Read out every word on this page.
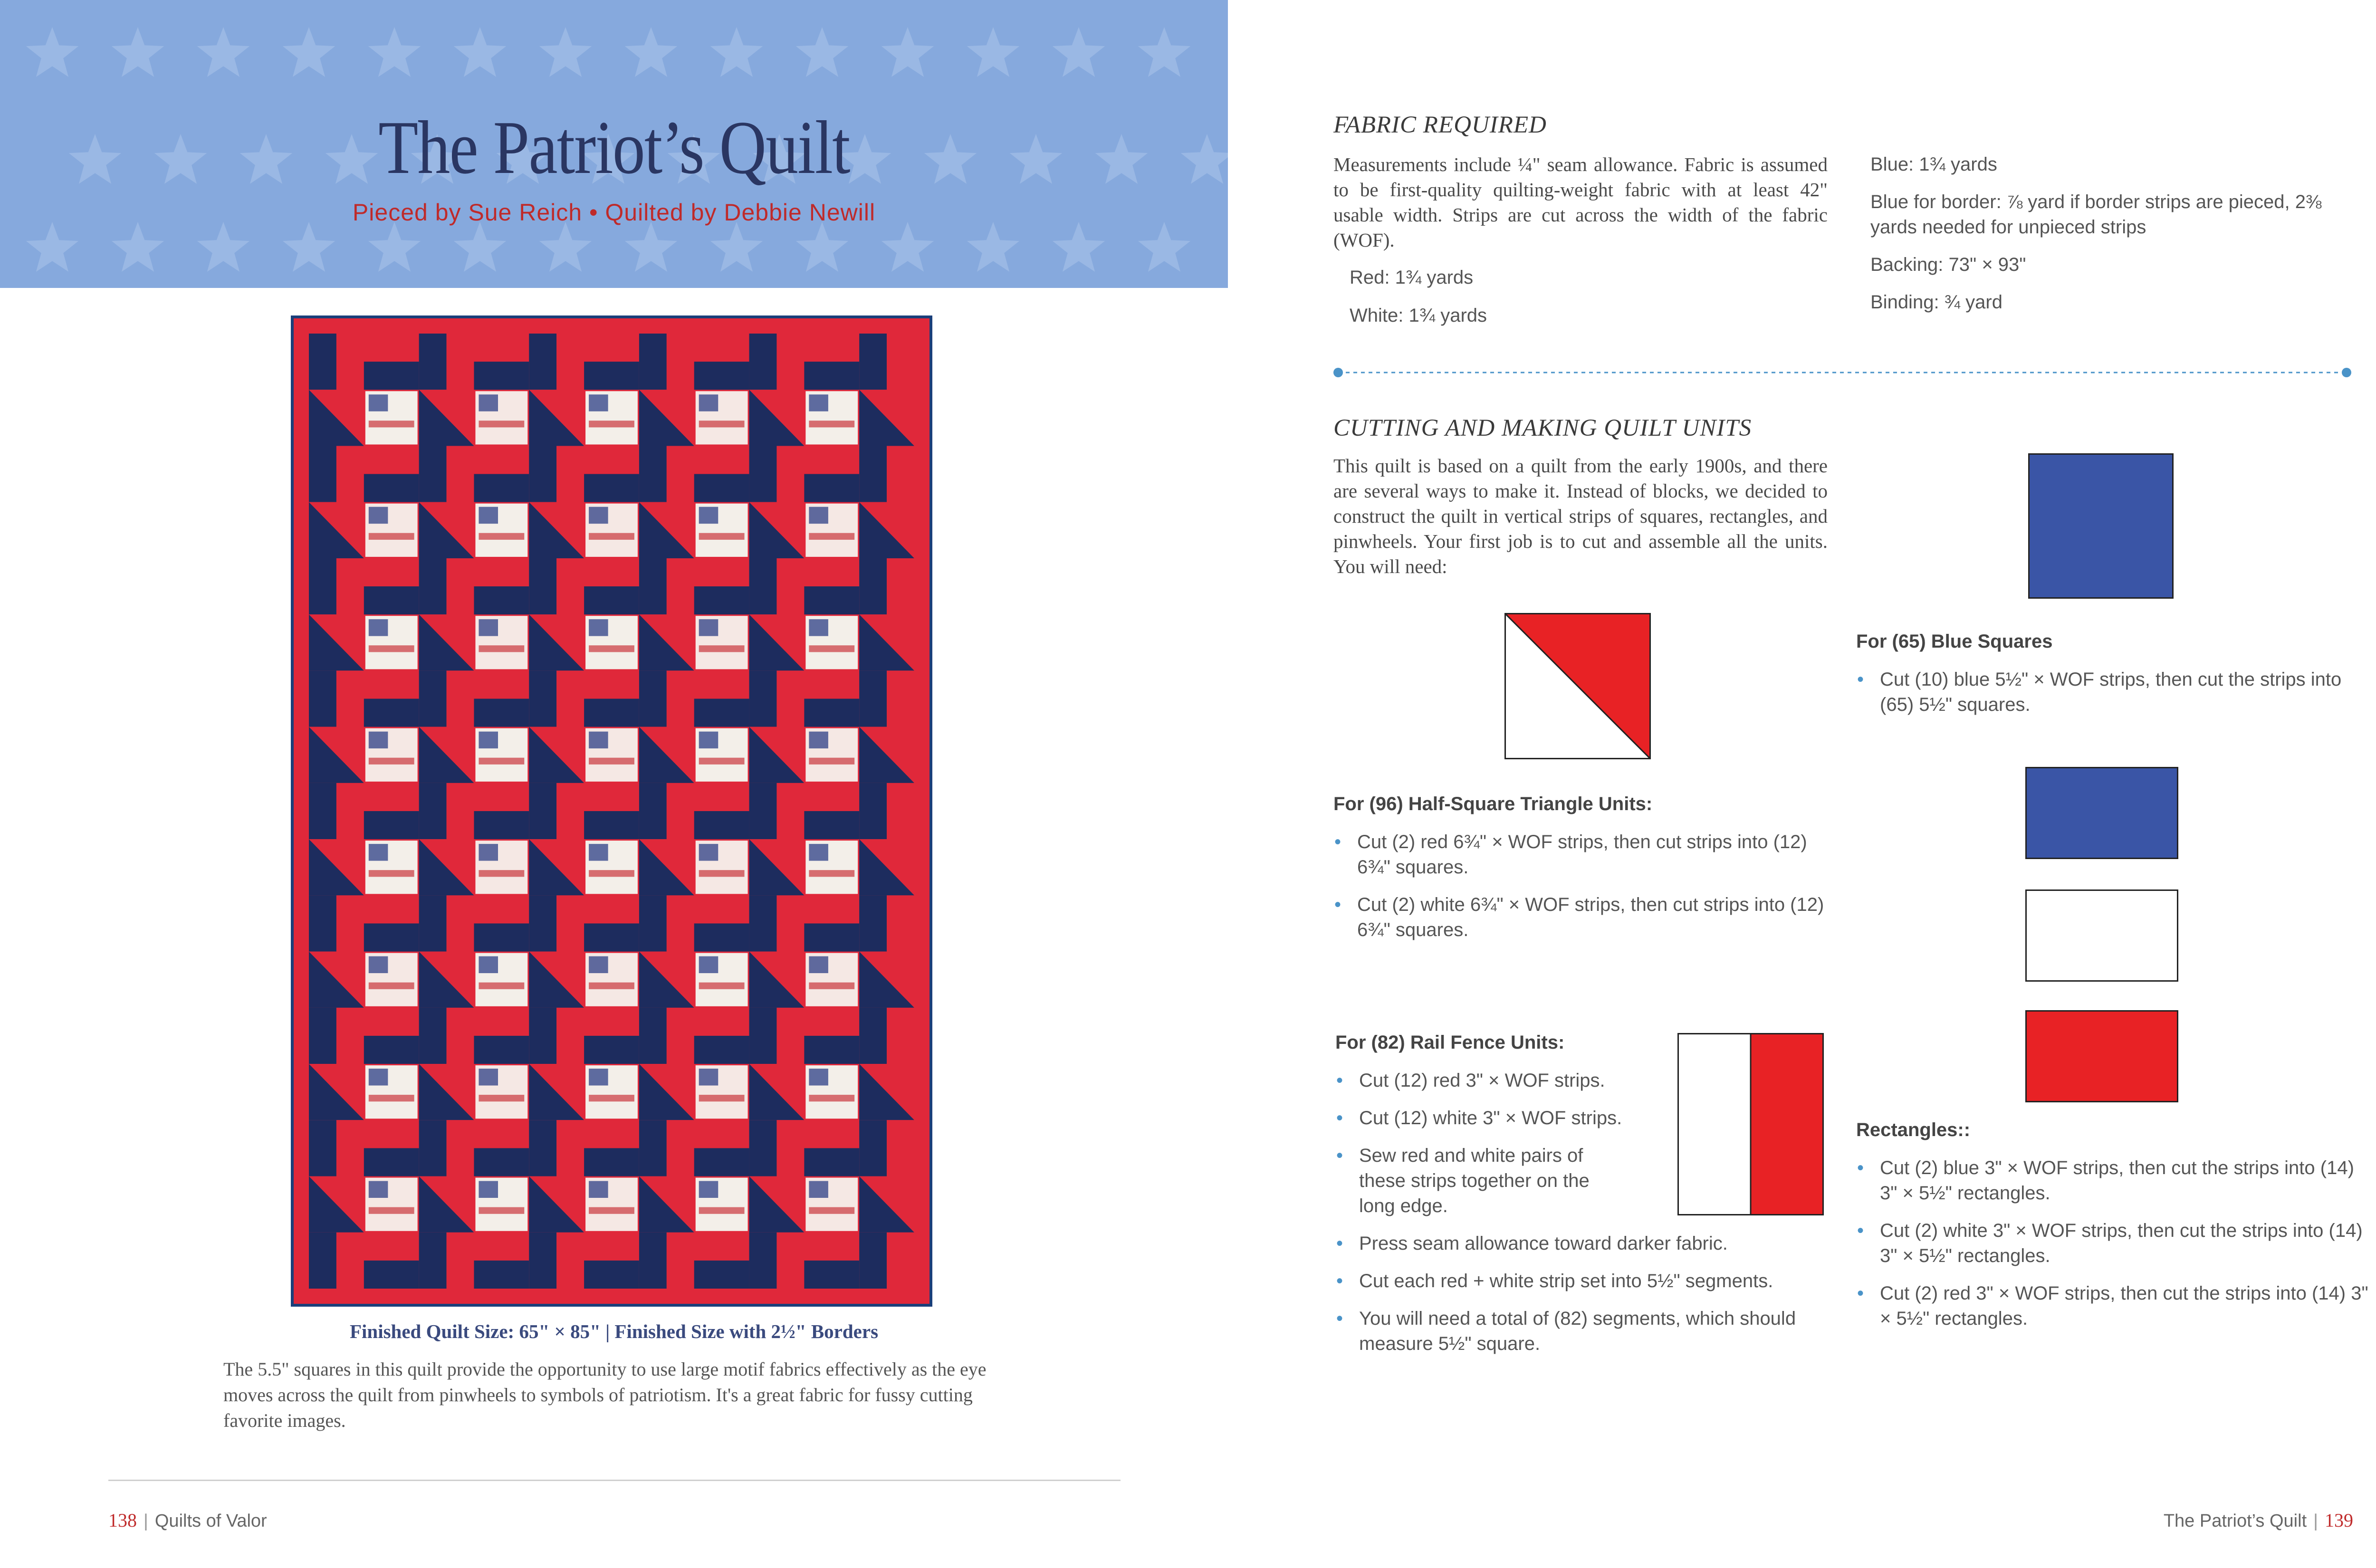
The Patriot’s Quilt
Pieced by Sue Reich • Quilted by Debbie Newill
Finished Quilt Size: 65" × 85" | Finished Size with 2½" Borders
The 5.5" squares in this quilt provide the opportunity to use large motif fabrics effectively as the eye moves across the quilt from pinwheels to symbols of patriotism. It's a great fabric for fussy cutting favorite images.
138 | Quilts of Valor
FABRIC REQUIRED
Measurements include ¼" seam allowance. Fabric is assumed to be first-quality quilting-weight fabric with at least 42" usable width. Strips are cut across the width of the fabric (WOF).
Red: 1¾ yards
White: 1¾ yards
Blue: 1¾ yards
Blue for border: ⅞ yard if border strips are pieced, 2⅜ yards needed for unpieced strips
Backing: 73" × 93"
Binding: ¾ yard
CUTTING AND MAKING QUILT UNITS
This quilt is based on a quilt from the early 1900s, and there are several ways to make it. Instead of blocks, we decided to construct the quilt in vertical strips of squares, rectangles, and pinwheels. Your first job is to cut and assemble all the units. You will need:
For (65) Blue Squares
• Cut (10) blue 5½" × WOF strips, then cut the strips into (65) 5½" squares.
For (96) Half-Square Triangle Units:
• Cut (2) red 6¾" × WOF strips, then cut strips into (12) 6¾" squares.
• Cut (2) white 6¾" × WOF strips, then cut strips into (12) 6¾" squares.
For (82) Rail Fence Units:
• Cut (12) red 3" × WOF strips.
• Cut (12) white 3" × WOF strips.
• Sew red and white pairs of these strips together on the long edge.
• Press seam allowance toward darker fabric.
• Cut each red + white strip set into 5½" segments.
• You will need a total of (82) segments, which should measure 5½" square.
Rectangles::
• Cut (2) blue 3" × WOF strips, then cut the strips into (14) 3" × 5½" rectangles.
• Cut (2) white 3" × WOF strips, then cut the strips into (14) 3" × 5½" rectangles.
• Cut (2) red 3" × WOF strips, then cut the strips into (14) 3" × 5½" rectangles.
The Patriot’s Quilt | 139
